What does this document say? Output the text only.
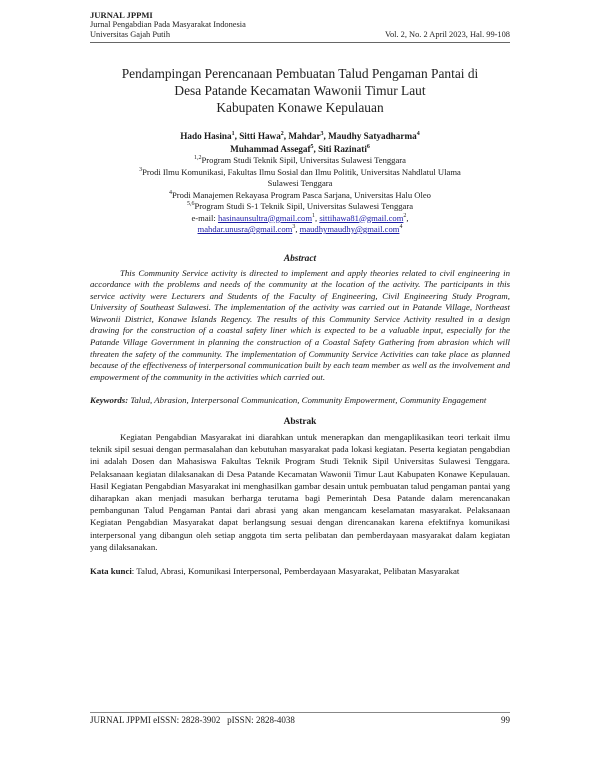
JURNAL JPPMI
Jurnal Pengabdian Pada Masyarakat Indonesia
Universitas Gajah Putih	Vol. 2, No. 2 April 2023, Hal. 99-108
Pendampingan Perencanaan Pembuatan Talud Pengaman Pantai di
Desa Patande Kecamatan Wawonii Timur Laut
Kabupaten Konawe Kepulauan
Hado Hasina$^1$, Sitti Hawa$^2$, Mahdar$^3$, Maudhy Satyadharma$^4$
Muhammad Assegaf$^5$, Siti Razinati$^6$
$^{1,2}$Program Studi Teknik Sipil, Universitas Sulawesi Tenggara
$^3$Prodi Ilmu Komunikasi, Fakultas Ilmu Sosial dan Ilmu Politik, Universitas Nahdlatul Ulama
Sulawesi Tenggara
$^4$Prodi Manajemen Rekayasa Program Pasca Sarjana, Universitas Halu Oleo
$^{5,6}$Program Studi S-1 Teknik Sipil, Universitas Sulawesi Tenggara
e-mail: hasinaunsultra@gmail.com$^1$, sittihawa81@gmail.com$^2$,
mahdar.unusra@gmail.com$^3$, maudhymaudhy@gmail.com$^4$
Abstract

This Community Service activity is directed to implement and apply theories related to civil engineering in accordance with the problems and needs of the community at the location of the activity. The participants in this service activity were Lecturers and Students of the Faculty of Engineering, Civil Engineering Study Program, University of Southeast Sulawesi. The implementation of the activity was carried out in Patande Village, Northeast Wawonii District, Konawe Islands Regency. The results of this Community Service Activity resulted in a design drawing for the construction of a coastal safety liner which is expected to be a valuable input, especially for the Patande Village Government in planning the construction of a Coastal Safety Gathering from abrasion which will threaten the safety of the community. The implementation of Community Service Activities can take place as planned because of the effectiveness of interpersonal communication built by each team member as well as the involvement and empowerment of the community in the activities which carried out.

Keywords: Talud, Abrasion, Interpersonal Communication, Community Empowerment, Community Engagement
Abstrak

Kegiatan Pengabdian Masyarakat ini diarahkan untuk menerapkan dan mengaplikasikan teori terkait ilmu teknik sipil sesuai dengan permasalahan dan kebutuhan masyarakat pada lokasi kegiatan. Peserta kegiatan pengabdian ini adalah Dosen dan Mahasiswa Fakultas Teknik Program Studi Teknik Sipil Universitas Sulawesi Tenggara. Pelaksanaan kegiatan dilaksanakan di Desa Patande Kecamatan Wawonii Timur Laut Kabupaten Konawe Kepulauan. Hasil Kegiatan Pengabdian Masyarakat ini menghasilkan gambar desain untuk pembuatan talud pengaman pantai yang diharapkan akan menjadi masukan berharga terutama bagi Pemerintah Desa Patande dalam merencanakan pembangunan Talud Pengaman Pantai dari abrasi yang akan mengancam keselamatan masyarakat. Pelaksanaan Kegiatan Pengabdian Masyarakat dapat berlangsung sesuai dengan direncanakan karena efektifnya komunikasi interpersonal yang dibangun oleh setiap anggota tim serta pelibatan dan pemberdayaan masyarakat dalam kegiatan yang dilaksanakan.

Kata kunci: Talud, Abrasi, Komunikasi Interpersonal, Pemberdayaan Masyarakat, Pelibatan Masyarakat
JURNAL JPPMI eISSN: 2828-3902   pISSN: 2828-4038	99
